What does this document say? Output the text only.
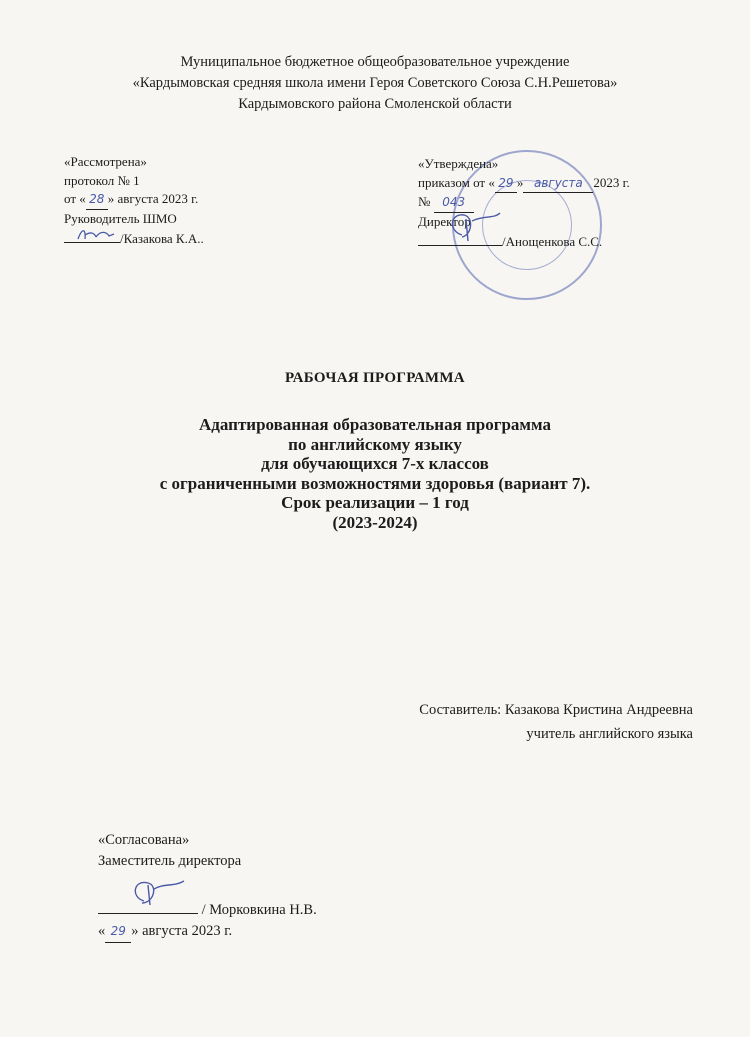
Муниципальное бюджетное общеобразовательное учреждение
«Кардымовская средняя школа имени Героя Советского Союза С.Н.Решетова»
Кардымовского района Смоленской области
«Рассмотрена»
протокол № 1
от « 28 » августа 2023 г.
Руководитель ШМО
/Казакова К.А..
«Утверждена»
приказом от « 29 » августа 2023 г.
№ 043
Директор
/Анощенкова С.С.
РАБОЧАЯ ПРОГРАММА
Адаптированная образовательная программа
по английскому языку
для обучающихся 7-х классов
с ограниченными возможностями здоровья (вариант 7).
Срок реализации – 1 год
(2023-2024)
Составитель: Казакова Кристина Андреевна
учитель английского языка
«Согласована»
Заместитель директора
/ Морковкина Н.В.
« 29 » августа 2023 г.
